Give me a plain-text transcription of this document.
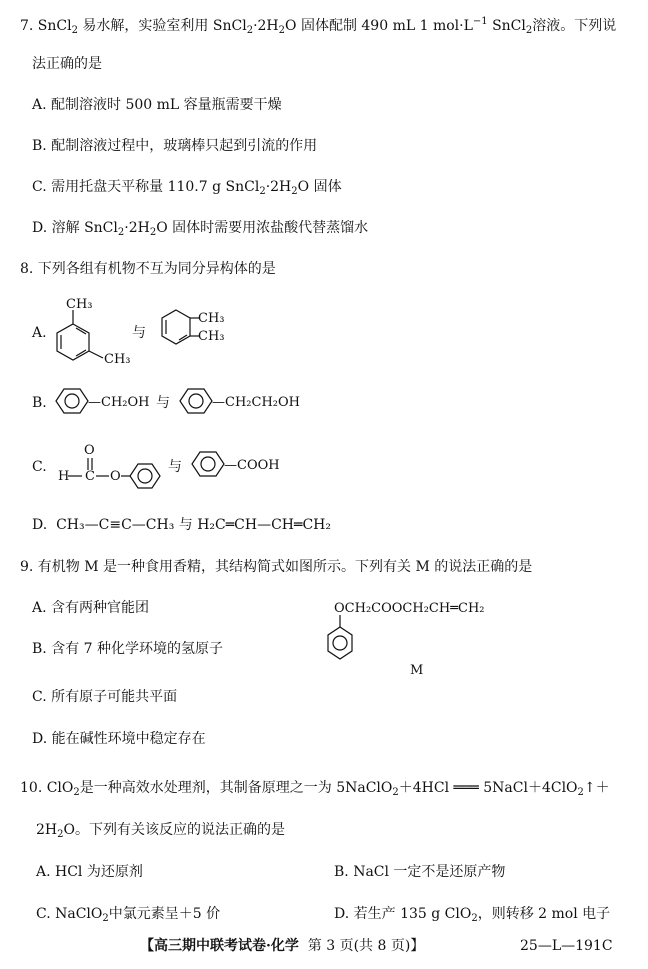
7. SnCl$_2$ 易水解，实验室利用 $SnCl_2\cdot 2H_2O$ 固体配制 490 mL 1 $mol\cdot L^{-1}$ SnCl$_2$溶液。下列说
法正确的是
A. 配制溶液时 500 mL 容量瓶需要干燥
B. 配制溶液过程中，玻璃棒只起到引流的作用
C. 需用托盘天平称量 110.7 g $SnCl_2\cdot 2H_2O$ 固体
D. 溶解 $SnCl_2\cdot 2H_2O$ 固体时需要用浓盐酸代替蒸馏水
8. 下列各组有机物不互为同分异构体的是
A.
CH₃
CH₃
与
CH₃
CH₃
B.	—CH₂OH 与	—CH₂CH₂OH
C.
O
H C O
与	—COOH
D. CH₃—C≡C—CH₃ 与 H₂C═CH—CH═CH₂
9. 有机物 M 是一种食用香精，其结构简式如图所示。下列有关 M 的说法正确的是
A. 含有两种官能团
B. 含有 7 种化学环境的氢原子
C. 所有原子可能共平面
D. 能在碱性环境中稳定存在
OCH₂COOCH₂CH═CH₂
M
10. ClO$_2$是一种高效水处理剂，其制备原理之一为 5NaClO$_2$＋4HCl ═══ 5NaCl＋4ClO$_2$↑＋
$2H_2O$。下列有关该反应的说法正确的是
A. HCl 为还原剂	B. NaCl 一定不是还原产物
C. NaClO$_2$中氯元素呈＋5 价	D. 若生产 135 g ClO$_2$，则转移 2 mol 电子
【高三期中联考试卷·化学 第 3 页(共 8 页)】	25—L—191C
